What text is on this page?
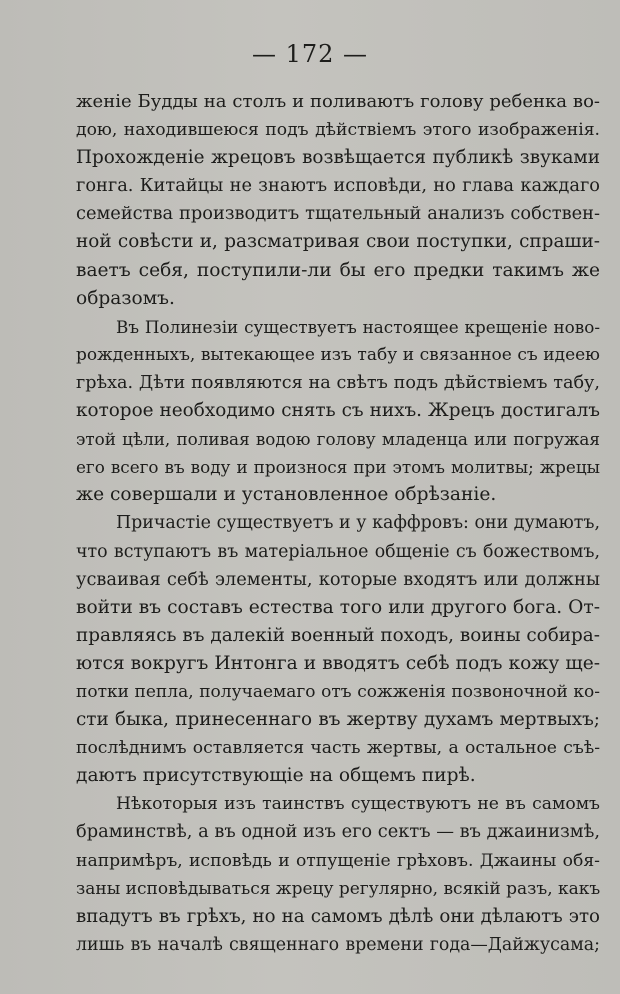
— 172 —
женіе Будды на столъ и поливаютъ голову ребенка во-
дою, находившеюся подъ дѣйствіемъ этого изображенія.
Прохожденіе жрецовъ возвѣщается публикѣ звуками
гонга. Китайцы не знаютъ исповѣди, но глава каждаго
семейства производитъ тщательный анализъ собствен-
ной совѣсти и, разсматривая свои поступки, спраши-
ваетъ себя, поступили-ли бы его предки такимъ же
образомъ.
Въ Полинезіи существуетъ настоящее крещеніе ново-
рожденныхъ, вытекающее изъ табу и связанное съ идеею
грѣха. Дѣти появляются на свѣтъ подъ дѣйствіемъ табу,
которое необходимо снять съ нихъ. Жрецъ достигалъ
этой цѣли, поливая водою голову младенца или погружая
его всего въ воду и произнося при этомъ молитвы; жрецы
же совершали и установленное обрѣзаніе.
Причастіе существуетъ и у каффровъ: они думаютъ,
что вступаютъ въ матеріальное общеніе съ божествомъ,
усваивая себѣ элементы, которые входятъ или должны
войти въ составъ естества того или другого бога. От-
правляясь въ далекій военный походъ, воины собира-
ются вокругъ Интонга и вводятъ себѣ подъ кожу ще-
потки пепла, получаемаго отъ сожженія позвоночной ко-
сти быка, принесеннаго въ жертву духамъ мертвыхъ;
послѣднимъ оставляется часть жертвы, а остальное съѣ-
даютъ присутствующіе на общемъ пирѣ.
Нѣкоторыя изъ таинствъ существуютъ не въ самомъ
браминствѣ, а въ одной изъ его сектъ — въ джаинизмѣ,
напримѣръ, исповѣдь и отпущеніе грѣховъ. Джаины обя-
заны исповѣдываться жрецу регулярно, всякій разъ, какъ
впадутъ въ грѣхъ, но на самомъ дѣлѣ они дѣлаютъ это
лишь въ началѣ священнаго времени года—Дайжусама;
